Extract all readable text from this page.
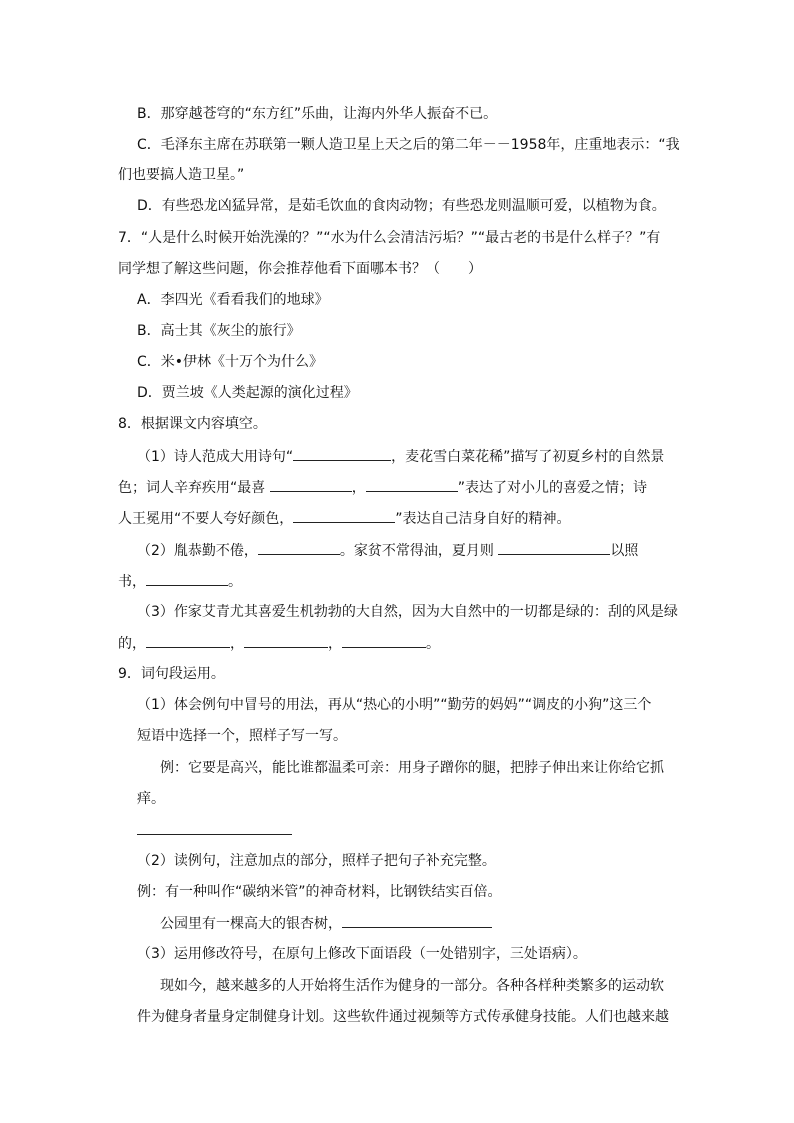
B．那穿越苍穹的“东方红”乐曲，让海内外华人振奋不已。
C．毛泽东主席在苏联第一颗人造卫星上天之后的第二年－－1958年，庄重地表示：“我
们也要搞人造卫星。”
D．有些恐龙凶猛异常，是茹毛饮血的食肉动物；有些恐龙则温顺可爱，以植物为食。
7．“人是什么时候开始洗澡的？”“水为什么会清洁污垢？”“最古老的书是什么样子？”有
同学想了解这些问题，你会推荐他看下面哪本书？（　　）
A．李四光《看看我们的地球》
B．高士其《灰尘的旅行》
C．米•伊林《十万个为什么》
D．贾兰坡《人类起源的演化过程》
8．根据课文内容填空。
（1）诗人范成大用诗句“	，麦花雪白菜花稀”描写了初夏乡村的自然景
色；词人辛弃疾用“最喜	，	”表达了对小儿的喜爱之情；诗
人王冕用“不要人夸好颜色，	”表达自己洁身自好的精神。
（2）胤恭勤不倦，	。家贫不常得油，夏月则	以照
书，	。
（3）作家艾青尤其喜爱生机勃勃的大自然，因为大自然中的一切都是绿的：刮的风是绿
的，	，	，	。
9．词句段运用。
（1）体会例句中冒号的用法，再从“热心的小明”“勤劳的妈妈”“调皮的小狗”这三个
短语中选择一个，照样子写一写。
例：它要是高兴，能比谁都温柔可亲：用身子蹭你的腿，把脖子伸出来让你给它抓
痒。
（2）读例句，注意加点的部分，照样子把句子补充完整。
例：有一种叫作“碳纳米管”的神奇材料，比钢铁结实百倍。
公园里有一棵高大的银杏树，
（3）运用修改符号，在原句上修改下面语段（一处错别字，三处语病）。
现如今，越来越多的人开始将生活作为健身的一部分。各种各样种类繁多的运动软
件为健身者量身定制健身计划。这些软件通过视频等方式传承健身技能。人们也越来越
